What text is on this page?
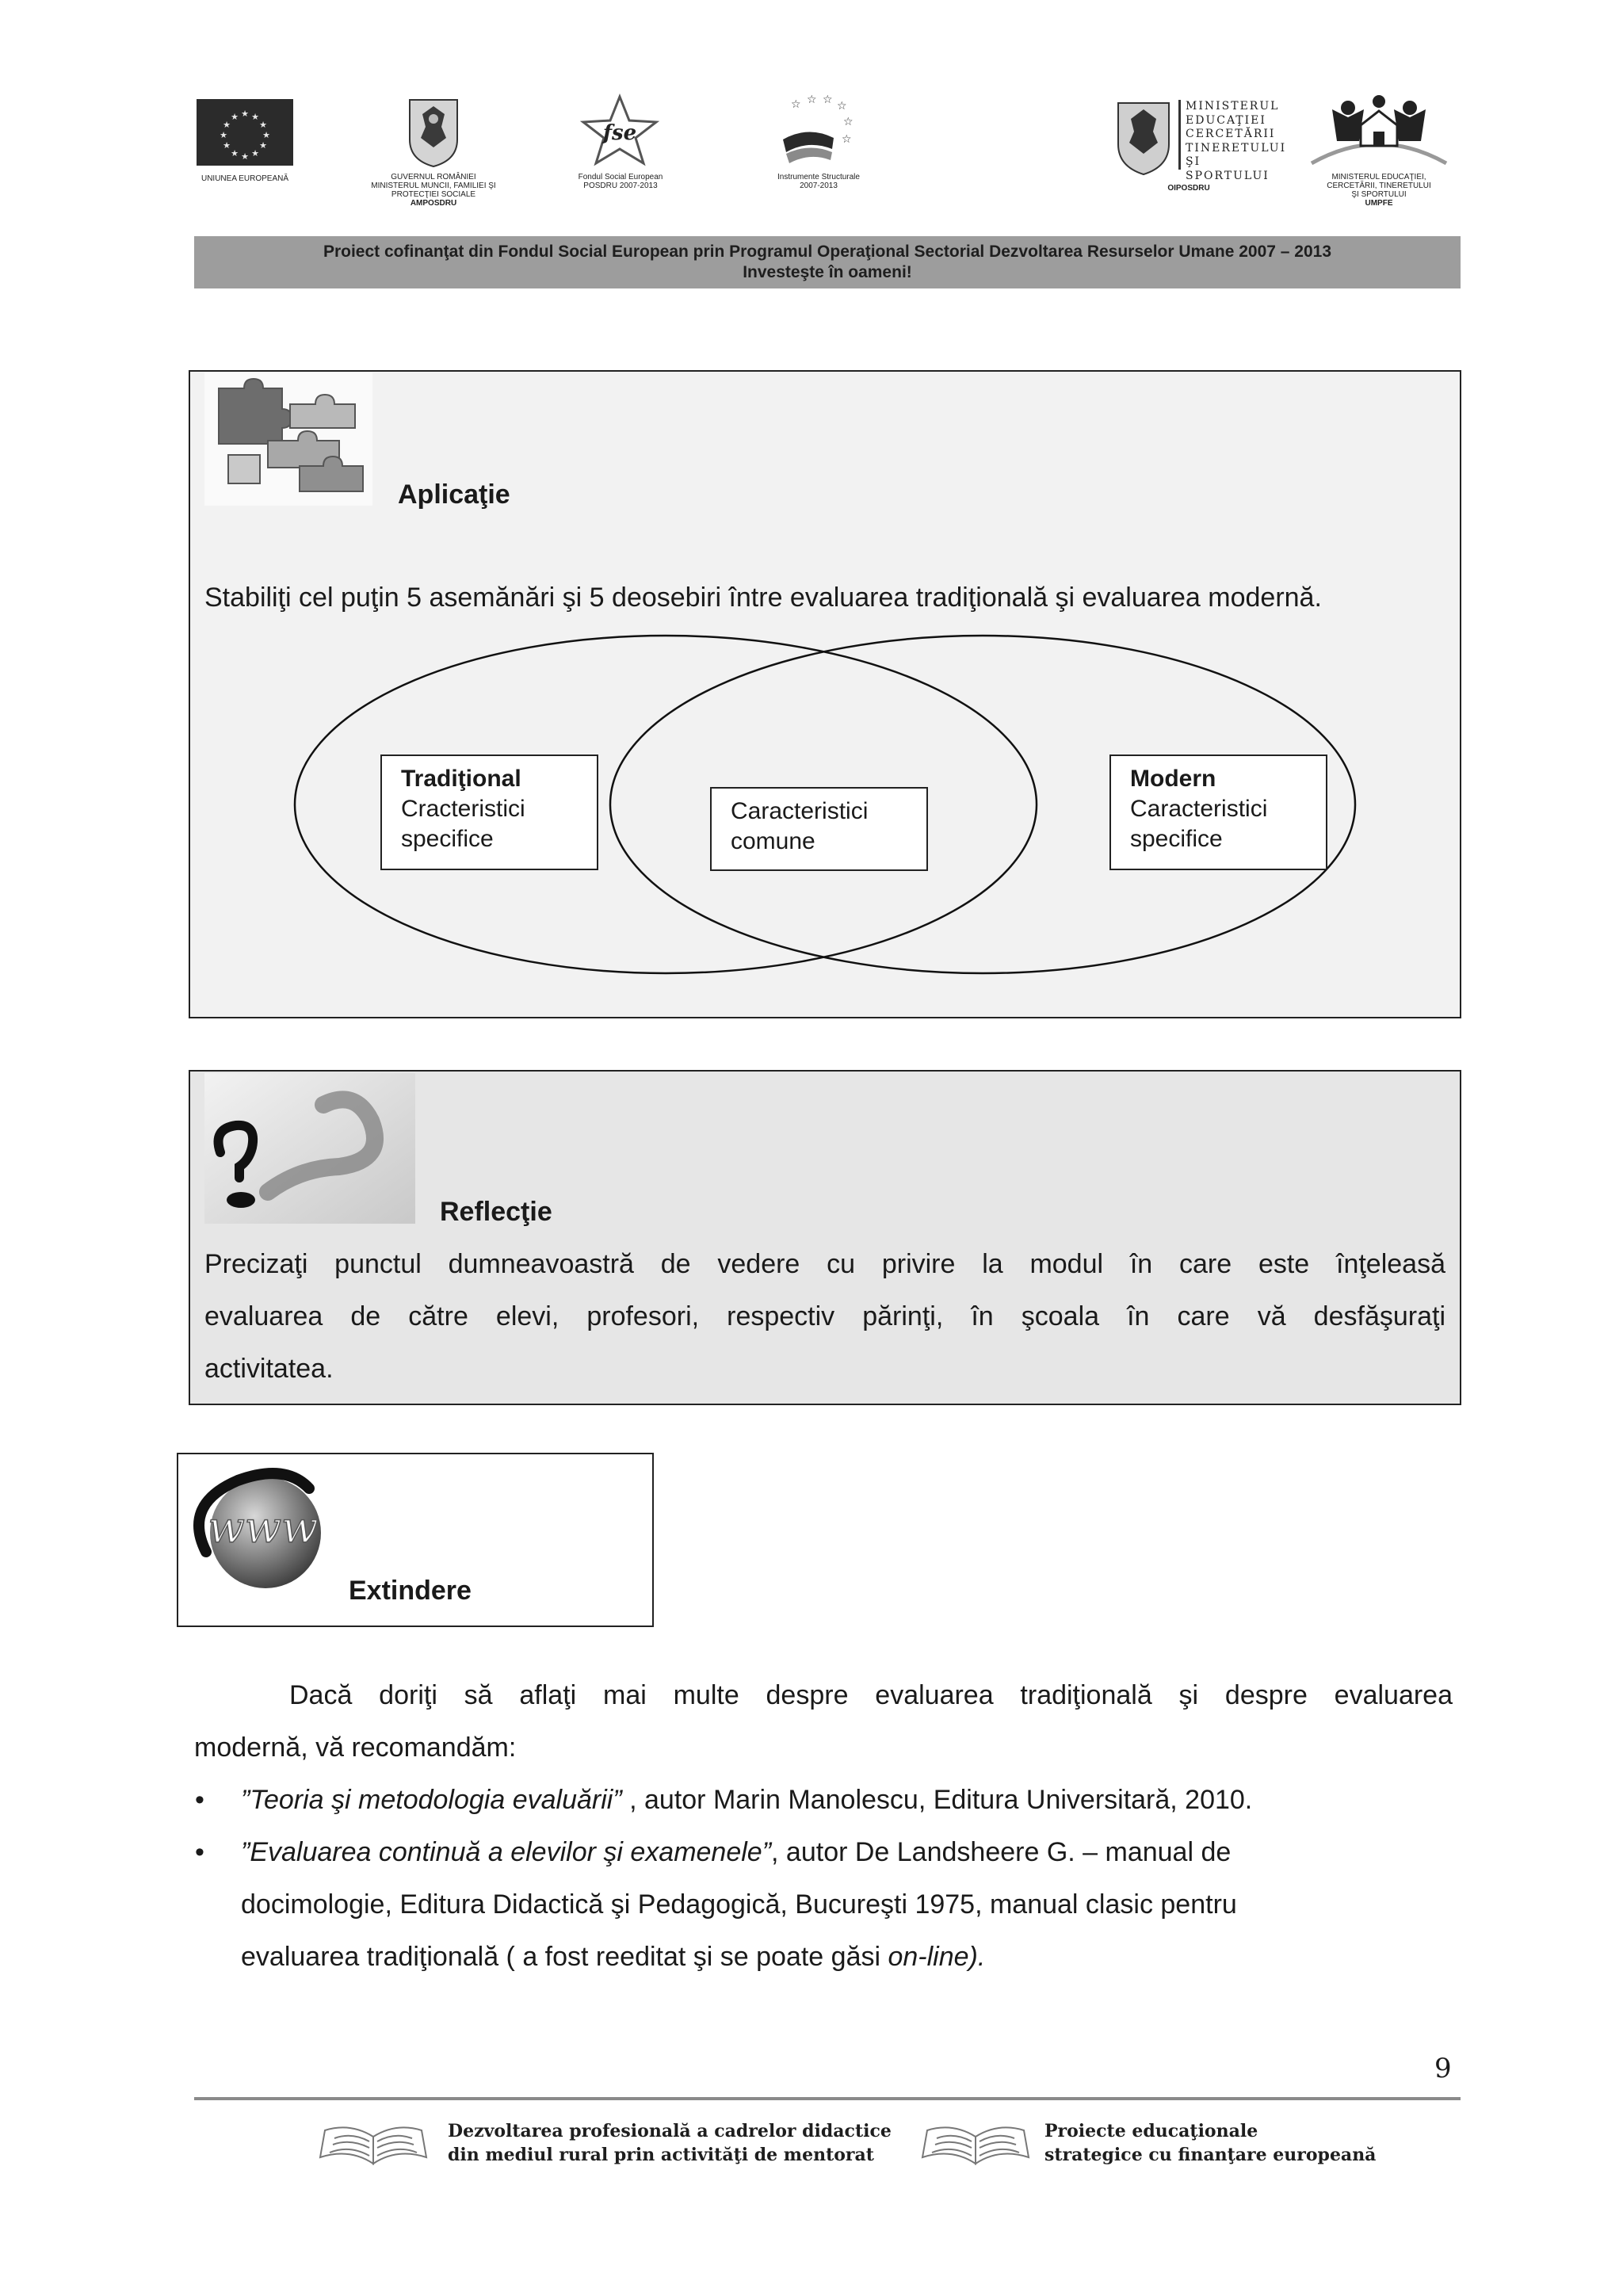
★
★
★	★
★
★
★
★
★
★
★
★
UNIUNEA EUROPEANĂ	GUVERNUL ROMÂNIEI
MINISTERUL MUNCII, FAMILIEI ŞI
PROTECŢIEI SOCIALE
AMPOSDRU
fse
Fondul Social European
POSDRU 2007-2013
☆ ☆ ☆ ☆
☆
☆
Instrumente Structurale
2007-2013
MINISTERUL
EDUCAŢIEI
CERCETĂRII
TINERETULUI
ŞI SPORTULUI
OIPOSDRU
MINISTERUL EDUCAŢIEI,
CERCETĂRII, TINERETULUI
ŞI SPORTULUI
UMPFE
Proiect cofinanţat din Fondul Social European prin Programul Operaţional Sectorial Dezvoltarea Resurselor Umane 2007 – 2013
Investeşte în oameni!
Aplicaţie
Stabiliţi cel puţin 5 asemănări şi 5 deosebiri între evaluarea tradiţională şi evaluarea modernă.
Tradiţional
Cracteristici
specifice
Caracteristici
comune
Modern
Caracteristici
specifice
Reflecţie
Precizaţi punctul dumneavoastră de vedere cu privire la modul în care este înţeleasă
evaluarea de către elevi, profesori, respectiv părinţi, în şcoala în care vă desfăşuraţi
activitatea.
www
Extindere
Dacă doriţi să aflaţi mai multe despre evaluarea tradiţională şi despre evaluarea
modernă, vă recomandăm:
• ”Teoria şi metodologia evaluării” , autor Marin Manolescu, Editura Universitară, 2010.
• ”Evaluarea continuă a elevilor şi examenele”, autor De Landsheere G. – manual de
docimologie, Editura Didactică şi Pedagogică, Bucureşti 1975, manual clasic pentru
evaluarea tradiţională ( a fost reeditat şi se poate găsi on-line).
9
Dezvoltarea profesională a cadrelor didactice
din mediul rural prin activităţi de mentorat
Proiecte educaţionale
strategice cu finanţare europeană
